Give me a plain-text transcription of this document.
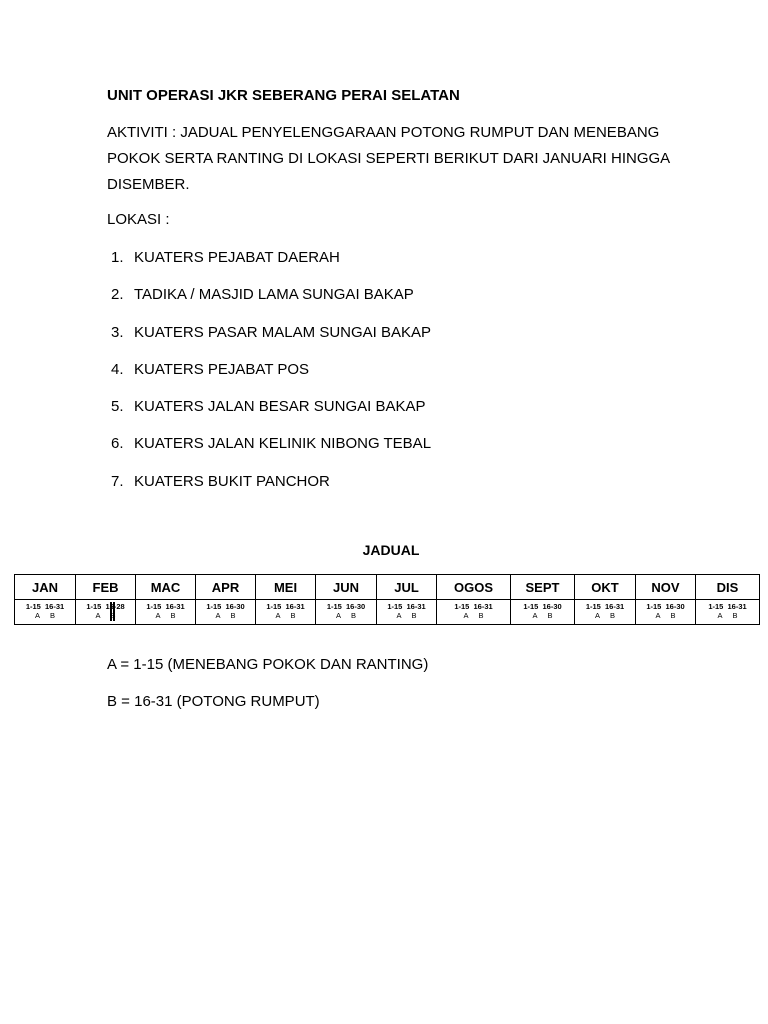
UNIT OPERASI JKR SEBERANG PERAI SELATAN

AKTIVITI : JADUAL PENYELENGGARAAN POTONG RUMPUT DAN MENEBANG
POKOK SERTA RANTING DI LOKASI SEPERTI BERIKUT DARI JANUARI HINGGA
DISEMBER.

LOKASI :

1. KUATERS PEJABAT DAERAH
2. TADIKA / MASJID LAMA SUNGAI BAKAP
3. KUATERS PASAR MALAM SUNGAI BAKAP
4. KUATERS PEJABAT POS
5. KUATERS JALAN BESAR SUNGAI BAKAP
6. KUATERS JALAN KELINIK NIBONG TEBAL
7. KUATERS BUKIT PANCHOR

JADUAL

JAN	FEB	MAC	APR	MEI	JUN	JUL	OGOS	SEPT	OKT	NOV	DIS

1-15  16-31
A     B	1-15  16-28
A     B	1-15  16-31
A     B	1-15  16-30
A     B	1-15  16-31
A     B	1-15  16-30
A     B	1-15  16-31
A     B	1-15  16-31
A     B	1-15  16-30
A     B	1-15  16-31
A     B	1-15  16-30
A     B	1-15  16-31
A     B

A = 1-15 (MENEBANG POKOK DAN RANTING)

B = 16-31 (POTONG RUMPUT)
